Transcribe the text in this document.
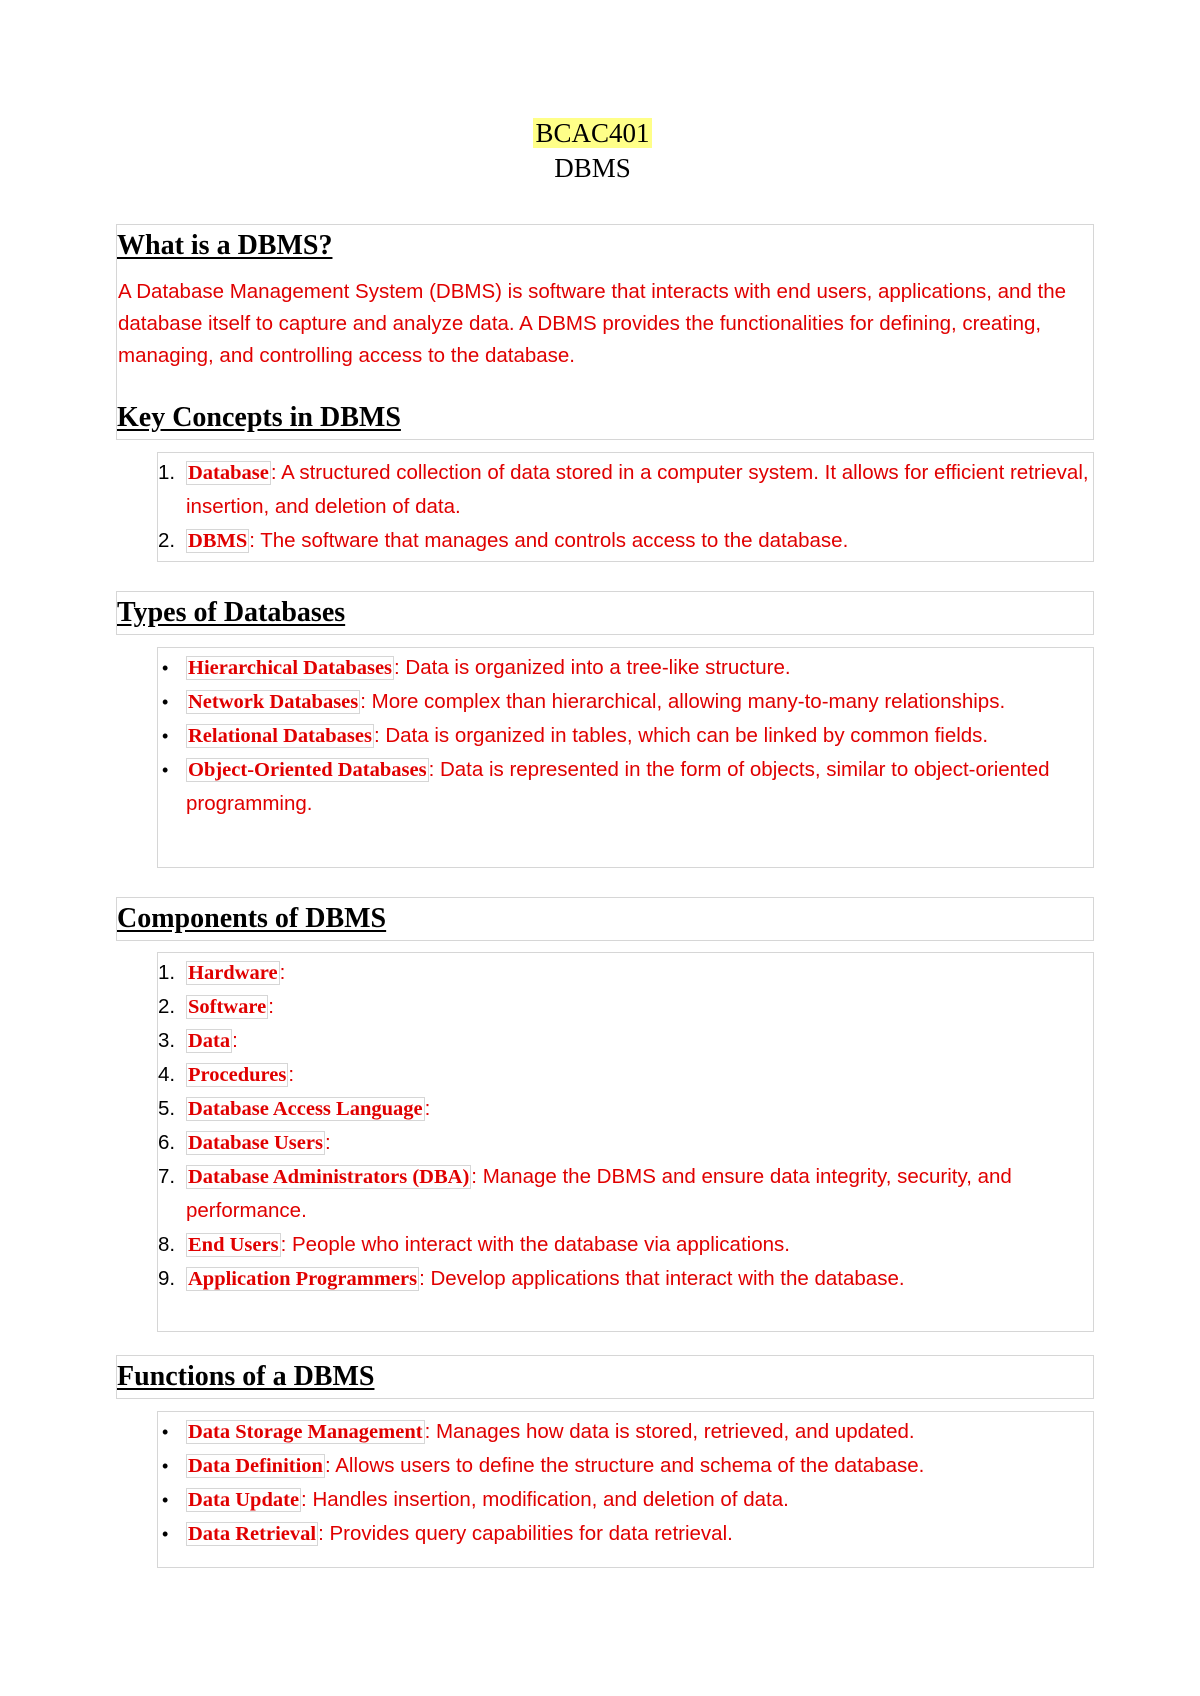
BCAC401
DBMS
What is a DBMS?
A Database Management System (DBMS) is software that interacts with end users, applications, and the database itself to capture and analyze data. A DBMS provides the functionalities for defining, creating, managing, and controlling access to the database.
Key Concepts in DBMS
1. Database: A structured collection of data stored in a computer system. It allows for efficient retrieval, insertion, and deletion of data.
2. DBMS: The software that manages and controls access to the database.
Types of Databases
• Hierarchical Databases: Data is organized into a tree-like structure.
• Network Databases: More complex than hierarchical, allowing many-to-many relationships.
• Relational Databases: Data is organized in tables, which can be linked by common fields.
• Object-Oriented Databases: Data is represented in the form of objects, similar to object-oriented programming.
Components of DBMS
1. Hardware:
2. Software:
3. Data:
4. Procedures:
5. Database Access Language:
6. Database Users:
7. Database Administrators (DBA): Manage the DBMS and ensure data integrity, security, and performance.
8. End Users: People who interact with the database via applications.
9. Application Programmers: Develop applications that interact with the database.
Functions of a DBMS
• Data Storage Management: Manages how data is stored, retrieved, and updated.
• Data Definition: Allows users to define the structure and schema of the database.
• Data Update: Handles insertion, modification, and deletion of data.
• Data Retrieval: Provides query capabilities for data retrieval.
